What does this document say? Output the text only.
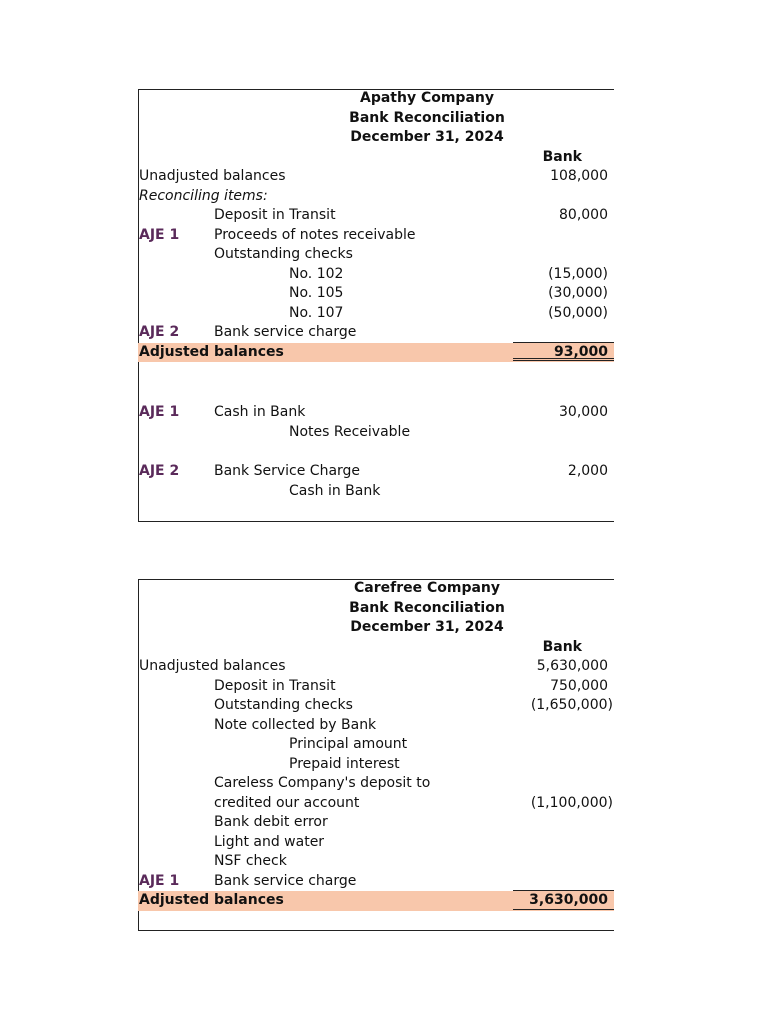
Apathy Company
Bank Reconciliation
December 31, 2024
Bank
Unadjusted balances	108,000
Reconciling items:
Deposit in Transit	80,000
AJE 1 Proceeds of notes receivable
Outstanding checks
No. 102	(15,000)
No. 105	(30,000)
No. 107	(50,000)
AJE 2 Bank service charge
Adjusted balances	93,000
AJE 1 Cash in Bank	30,000
Notes Receivable
AJE 2 Bank Service Charge	2,000
Cash in Bank
Carefree Company
Bank Reconciliation
December 31, 2024
Bank
Unadjusted balances	5,630,000
Deposit in Transit	750,000
Outstanding checks	(1,650,000)
Note collected by Bank
Principal amount
Prepaid interest
Careless Company's deposit to
credited our account	(1,100,000)
Bank debit error
Light and water
NSF check
AJE 1 Bank service charge
Adjusted balances	3,630,000
